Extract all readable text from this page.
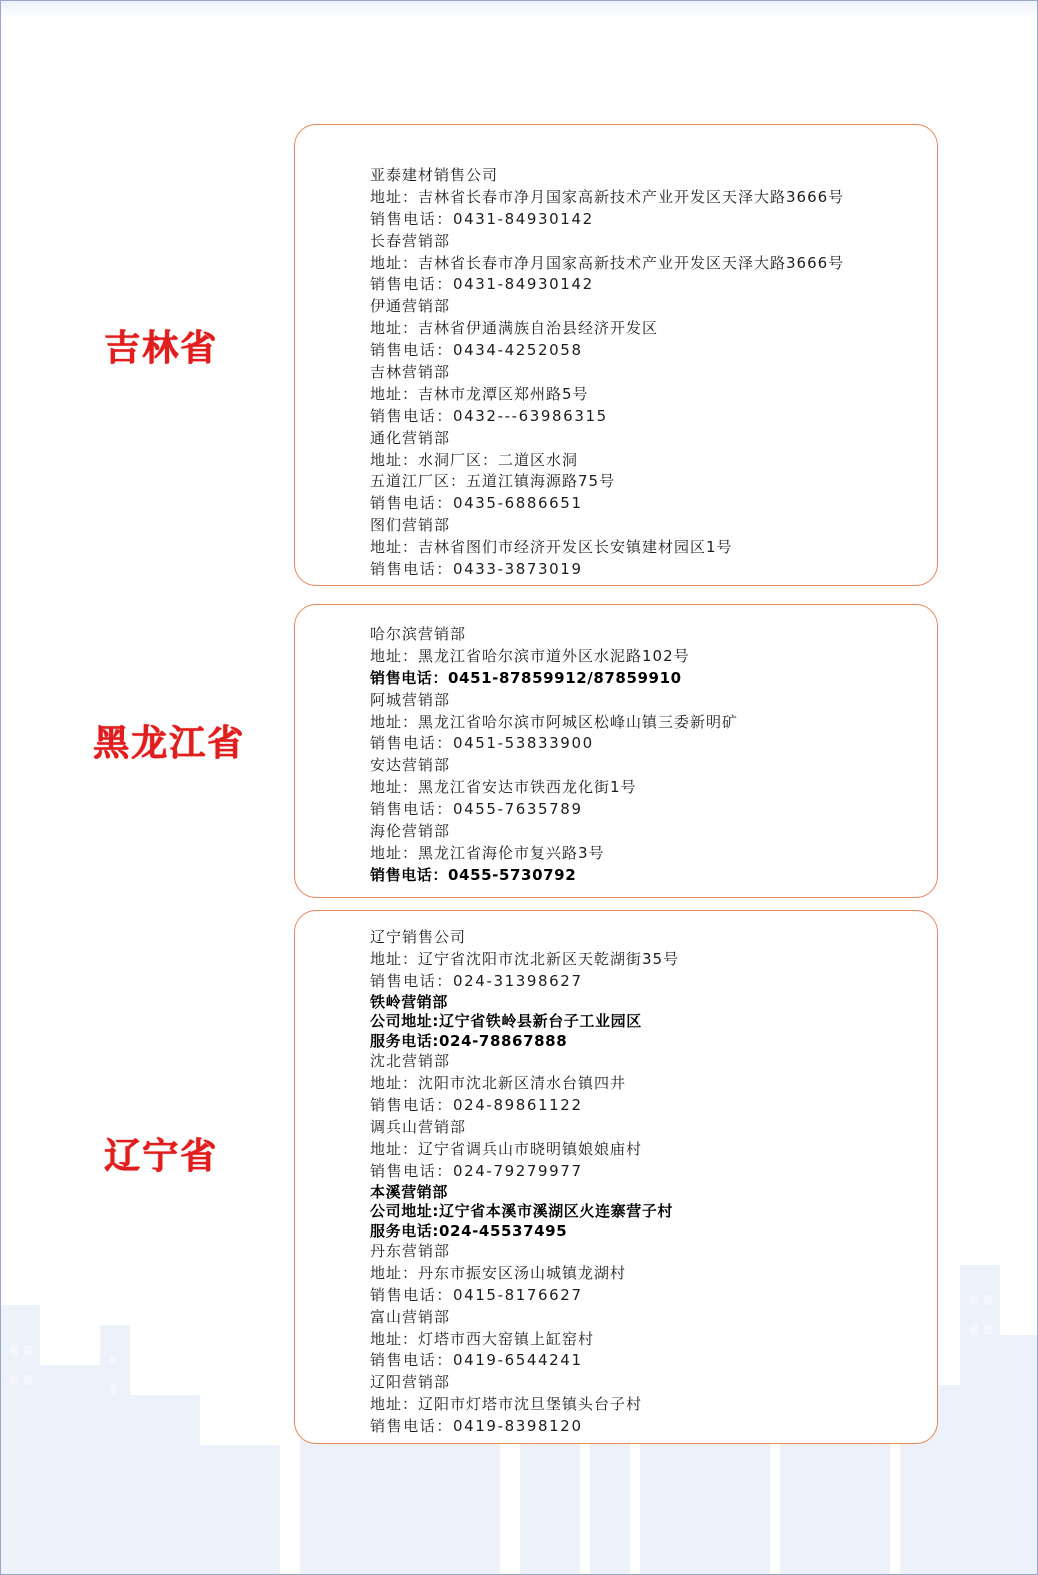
吉林省
亚泰建材销售公司
地址：吉林省长春市净月国家高新技术产业开发区天泽大路3666号
销售电话：0431-84930142
长春营销部
地址：吉林省长春市净月国家高新技术产业开发区天泽大路3666号
销售电话：0431-84930142
伊通营销部
地址：吉林省伊通满族自治县经济开发区
销售电话：0434-4252058
吉林营销部
地址：吉林市龙潭区郑州路5号
销售电话：0432---63986315
通化营销部
地址：水洞厂区：二道区水洞
五道江厂区：五道江镇海源路75号
销售电话：0435-6886651
图们营销部
地址：吉林省图们市经济开发区长安镇建材园区1号
销售电话：0433-3873019
黑龙江省
哈尔滨营销部
地址：黑龙江省哈尔滨市道外区水泥路102号
销售电话：0451-87859912/87859910
阿城营销部
地址：黑龙江省哈尔滨市阿城区松峰山镇三委新明矿
销售电话：0451-53833900
安达营销部
地址：黑龙江省安达市铁西龙化街1号
销售电话：0455-7635789
海伦营销部
地址：黑龙江省海伦市复兴路3号
销售电话：0455-5730792
辽宁省
辽宁销售公司
地址：辽宁省沈阳市沈北新区天乾湖街35号
销售电话：024-31398627
铁岭营销部
公司地址:辽宁省铁岭县新台子工业园区
服务电话:024-78867888
沈北营销部
地址：沈阳市沈北新区清水台镇四井
销售电话：024-89861122
调兵山营销部
地址：辽宁省调兵山市晓明镇娘娘庙村
销售电话：024-79279977
本溪营销部
公司地址:辽宁省本溪市溪湖区火连寨营子村
服务电话:024-45537495
丹东营销部
地址：丹东市振安区汤山城镇龙湖村
销售电话：0415-8176627
富山营销部
地址：灯塔市西大窑镇上缸窑村
销售电话：0419-6544241
辽阳营销部
地址：辽阳市灯塔市沈旦堡镇头台子村
销售电话：0419-8398120
